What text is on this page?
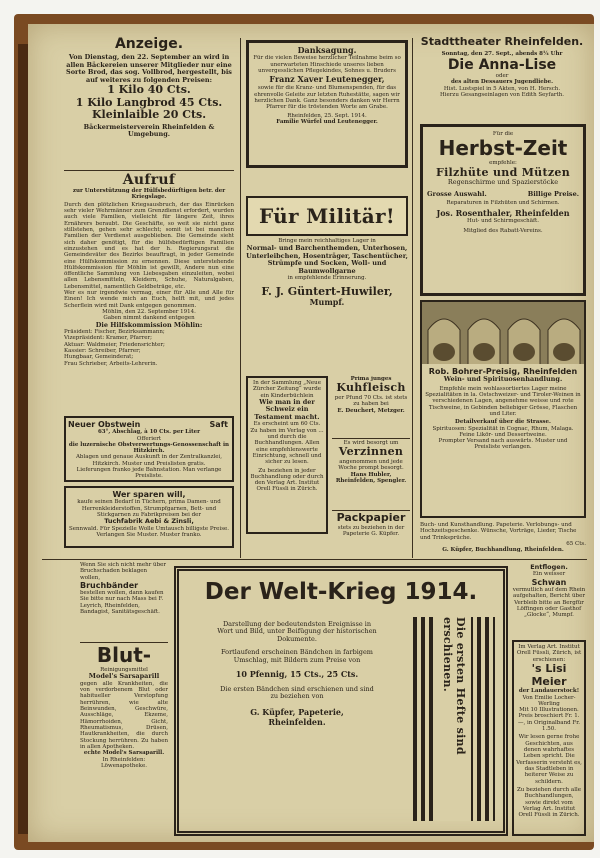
Anzeige.
Von Dienstag, den 22. September an wird in allen Bäckereien unserer Mitglieder nur eine Sorte Brod, das sog. Vollbrod, hergestellt, bis auf weiteres zu folgenden Preisen:
1 Kilo 40 Cts.
1 Kilo Langbrod 45 Cts.
Kleinlaible 20 Cts.
Bäckermeisterverein Rheinfelden & Umgebung.
Aufruf
zur Unterstützung der Hülfsbedürftigen betr. der Kriegslage.
Durch den plötzlichen Kriegsausbruch, der das Einrücken sehr vieler Wehrmänner zum Grenzdienst erfordert, wurden auch viele Familien, vielleicht für längere Zeit, ihres Ernährers beraubt. Die Geschäfte, so weit sie nicht ganz stillstehen, gehen sehr schlecht; somit ist bei manchen Familien der Verdienst ausgeblieben. Die Gemeinde sieht sich daher genötigt, für die hülfsbedürftigen Familien einzustehen und es hat der h. Regierungsrat die Gemeindeväter des Bezirks beauftragt, in jeder Gemeinde eine Hülfskommission zu ernennen. Diese unterstehende Hülfskommission für Möhlin ist gewillt, Andere nun eine öffentliche Sammlung von Liebesgaben einzuleiten, wobei allen Lebensmitteln, Kleidern, Schuhe, Naturalgaben, Lebensmittel, namentlich Geldbeträge, etc.
Wer es nur irgendwie vermag, einer für Alle und Alle für Einen! Ich wende mich an Euch, helft mit, und jedes Scherflein wird mit Dank entgegen genommen.
Möhlin, den 22. September 1914.
Gaben nimmt dankend entgegen
Die Hilfskommission Möhlin:
Präsident: Fischer, Bezirksammann;
Vizepräsident: Kramer, Pfarrer;
Aktuar: Waldmeier, Friedensrichter;
Kassier: Schreiber, Pfarrer;
Hungbaar, Gemeinderat;
Frau Schrieber, Arbeits-Lehrerin.
Neuer Obstwein	Saft
63°, Abschlag, à 10 Cts. per Liter
Offeriert
die luzernische Obstverwertungs-Genossenschaft in Hitzkirch.
Ablagen und genaue Auskunft in der Zentralkanzlei, Hitzkirch. Muster und Preislisten gratis.
Lieferungen franko jede Bahnstation. Man verlange Preisliste.
Wer sparen will,
kaufe seinen Bedarf in Tüchern, prima Damen- und Herrenkleiderstoffen, Strumpfgarnen, Bett- und Stickgarnen zu Fabrikpreisen bei der
Tuchfabrik Aebi & Zinsli,
Sennwald. Für Spezielle Wolle Umtausch billigste Preise. Verlangen Sie Muster. Muster franko.
Wenn Sie sich nicht mehr über Bruchschaden beklagen wollen,
Bruchbänder
bestellen wollen, dann kaufen Sie bitte nur nach Mass bei F. Leyrich, Rheinfelden, Bandagist, Sanitätsgeschäft.
Blut-
Reinigungsmittel
Model's Sarsaparill
gegen alle Krankheiten, die von verdorbenem Blut oder habitueller Verstopfung herrühren, wie alte Beinwunden, Geschwüre, Ausschläge, Ekzeme, Hämorrhoiden, Gicht, Rheumatismus, Drüsen, Hautkrankheiten, die durch Stockung herrühren. Zu haben in allen Apotheken.
echte Model's Sarsaparill.
In Rheinfelden: Löwenapotheke.
Danksagung.
Für die vielen Beweise herzlicher Teilnahme beim so unerwarteten Hinschiede unseres lieben unvergesslichen Pflegekindes, Sohnes u. Bruders
Franz Xaver Leutenegger,
sowie für die Kranz- und Blumenspenden, für das ehrenvolle Geleite zur letzten Ruhestätte, sagen wir herzlichen Dank. Ganz besonders danken wir Herrn Pfarrer für die tröstenden Worte am Grabe.
Rheinfelden, 25. Sept. 1914.
Familie Würfel und Leutenegger.
Für Militär!
Bringe mein reichhaltiges Lager in
Normal- und Barchenthemden, Unterhosen, Unterleibchen, Hosenträger, Taschentücher, Strümpfe und Socken, Woll- und Baumwollgarne
in empfehlende Erinnerung.
F. J. Güntert-Huwiler,
Mumpf.
In der Sammlung „Neue Zürcher Zeitung“ wurde ein Kinderbüchlein
Wie man in der Schweiz ein Testament macht.
Es erscheint um 60 Cts. Zu haben im Verlag von ... und durch die Buchhandlungen. Allen eine empfehlenswerte Einrichtung, schnell und sicher zu lesen.
Zu beziehen in jeder Buchhandlung oder durch den Verlag Art. Institut Orell Füssli in Zürich.
Prima junges
Kuhfleisch
per Pfund 70 Cts. ist stets zu haben bei
E. Deuchert, Metzger.
Es wird besorgt um
Verzinnen
angenommen und jede Woche prompt besorgt.
Hans Hubler, Rheinfelden, Spengler.
Packpapier
stets zu beziehen in der Papeterie G. Küpfer.
Stadttheater Rheinfelden.
Sonntag, den 27. Sept., abends 8¼ Uhr
Die Anna-Lise
oder
des alten Dessauers Jugendliebe.
Hist. Lustspiel in 5 Akten, von H. Hersch.
Hierzu Gesangseinlagen von Edith Seyfarth.
Für die
Herbst-Zeit
empfehle:
Filzhüte und Mützen
Regenschirme und Spazierstöcke
Grosse Auswahl.	Billige Preise.
Reparaturen in Filzhüten und Schirmen.
Jos. Rosenthaler, Rheinfelden
Hut- und Schirmgeschäft.
Mitglied des Rabatt-Vereins.
Rob. Bohrer-Preisig, Rheinfelden
Wein- und Spirituosenhandlung.
Empfehle mein wohlassortiertes Lager meine Spezialitäten in la. Ostschweizer- und Tiroler-Weinen in verschiedenen Lagen, angenehme weisse und rote Tischweine, in Gebinden beliebiger Grösse, Flaschen und Liter.
Detailverkauf über die Strasse.
Spirituosen: Spezialität in Cognac, Rhum, Malaga. Feine Likör- und Dessertweine.
Prompter Versand nach auswärts. Muster und Preisliste verlangen.
Buch- und Kunsthandlung. Papeterie. Verlobungs- und Hochzeitsgeschenke. Wünsche, Vorträge, Lieder, Tische und Trinksprüche.
65 Cts.
G. Küpfer, Buchhandlung, Rheinfelden.
Der Welt-Krieg 1914.
Darstellung der bedeutendsten Ereignisse in
Wort und Bild, unter Beifügung der historischen
Dokumente.
Fortlaufend erscheinen Bändchen in farbigem
Umschlag, mit Bildern zum Preise von
10 Pfennig, 15 Cts., 25 Cts.
Die ersten Bändchen sind erschienen und sind
zu beziehen von
G. Küpfer, Papeterie,
Rheinfelden.	Die ersten Hefte sind erschienen.
Entflogen.
Ein weisser
Schwan
vermutlich auf dem Rhein aufgehalten, Bericht über Verbleib bitte an Bergfür Löffingen oder Gasthof „Glocke“, Mumpf.
Im Verlag Art. Institut Orell Füssli, Zürich, ist erschienen:
's Lisi Meier
der Landauerstock!
Von Emilie Locher-Werling
Mit 10 Illustrationen. Preis broschiert Fr. 1. —, in Originalband Fr. 1.50.
Wir lesen gerne frohe Geschichten, aus denen wahrhaftes Leben spricht. Die Verfasserin versteht es, das Stadtleben in heiterer Weise zu schildern.
Zu beziehen durch alle Buchhandlungen, sowie direkt vom Verlag Art. Institut Orell Füssli in Zürich.
